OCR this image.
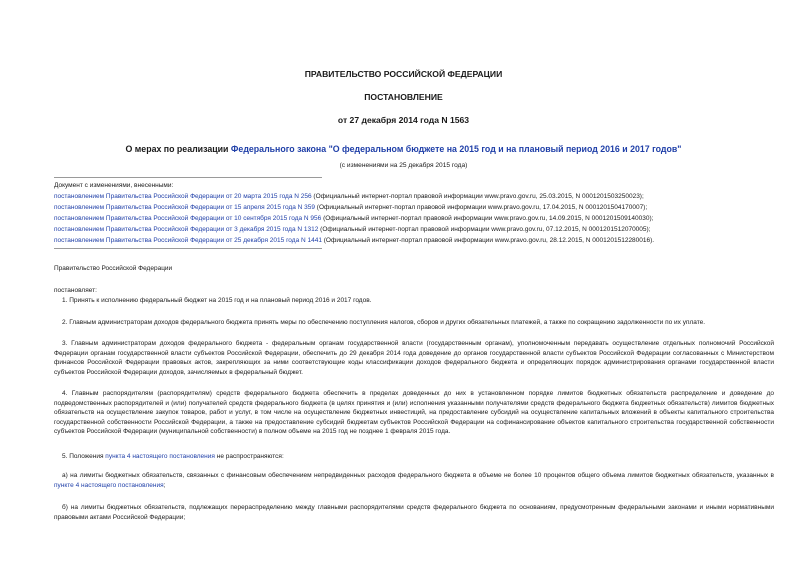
ПРАВИТЕЛЬСТВО РОССИЙСКОЙ ФЕДЕРАЦИИ
ПОСТАНОВЛЕНИЕ
от 27 декабря 2014 года N 1563
О мерах по реализации Федерального закона "О федеральном бюджете на 2015 год и на плановый период 2016 и 2017 годов"
(с изменениями на 25 декабря 2015 года)
Документ с изменениями, внесенными:
постановлением Правительства Российской Федерации от 20 марта 2015 года N 256 (Официальный интернет-портал правовой информации www.pravo.gov.ru, 25.03.2015, N 0001201503250023);
постановлением Правительства Российской Федерации от 15 апреля 2015 года N 359 (Официальный интернет-портал правовой информации www.pravo.gov.ru, 17.04.2015, N 0001201504170007);
постановлением Правительства Российской Федерации от 10 сентября 2015 года N 956 (Официальный интернет-портал правовой информации www.pravo.gov.ru, 14.09.2015, N 0001201509140030);
постановлением Правительства Российской Федерации от 3 декабря 2015 года N 1312 (Официальный интернет-портал правовой информации www.pravo.gov.ru, 07.12.2015, N 0001201512070005);
постановлением Правительства Российской Федерации от 25 декабря 2015 года N 1441 (Официальный интернет-портал правовой информации www.pravo.gov.ru, 28.12.2015, N 0001201512280016).
Правительство Российской Федерации
постановляет:
1. Принять к исполнению федеральный бюджет на 2015 год и на плановый период 2016 и 2017 годов.
2. Главным администраторам доходов федерального бюджета принять меры по обеспечению поступления налогов, сборов и других обязательных платежей, а также по сокращению задолженности по их уплате.
3. Главным администраторам доходов федерального бюджета - федеральным органам государственной власти (государственным органам), уполномоченным передавать осуществление отдельных полномочий Российской Федерации органам государственной власти субъектов Российской Федерации, обеспечить до 29 декабря 2014 года доведение до органов государственной власти субъектов Российской Федерации согласованных с Министерством финансов Российской Федерации правовых актов, закрепляющих за ними соответствующие коды классификации доходов федерального бюджета и определяющих порядок администрирования органами государственной власти субъектов Российской Федерации доходов, зачисляемых в федеральный бюджет.
4. Главным распорядителям (распорядителям) средств федерального бюджета обеспечить в пределах доведенных до них в установленном порядке лимитов бюджетных обязательств распределение и доведение до подведомственных распорядителей и (или) получателей средств федерального бюджета (в целях принятия и (или) исполнения указанными получателями средств федерального бюджета бюджетных обязательств) лимитов бюджетных обязательств на осуществление закупок товаров, работ и услуг, в том числе на осуществление бюджетных инвестиций, на предоставление субсидий на осуществление капитальных вложений в объекты капитального строительства государственной собственности Российской Федерации, а также на предоставление субсидий бюджетам субъектов Российской Федерации на софинансирование объектов капитального строительства государственной собственности субъектов Российской Федерации (муниципальной собственности) в полном объеме на 2015 год не позднее 1 февраля 2015 года.
5. Положения пункта 4 настоящего постановления не распространяются:
а) на лимиты бюджетных обязательств, связанных с финансовым обеспечением непредвиденных расходов федерального бюджета в объеме не более 10 процентов общего объема лимитов бюджетных обязательств, указанных в пункте 4 настоящего постановления;
б) на лимиты бюджетных обязательств, подлежащих перераспределению между главными распорядителями средств федерального бюджета по основаниям, предусмотренным федеральными законами и иными нормативными правовыми актами Российской Федерации;
